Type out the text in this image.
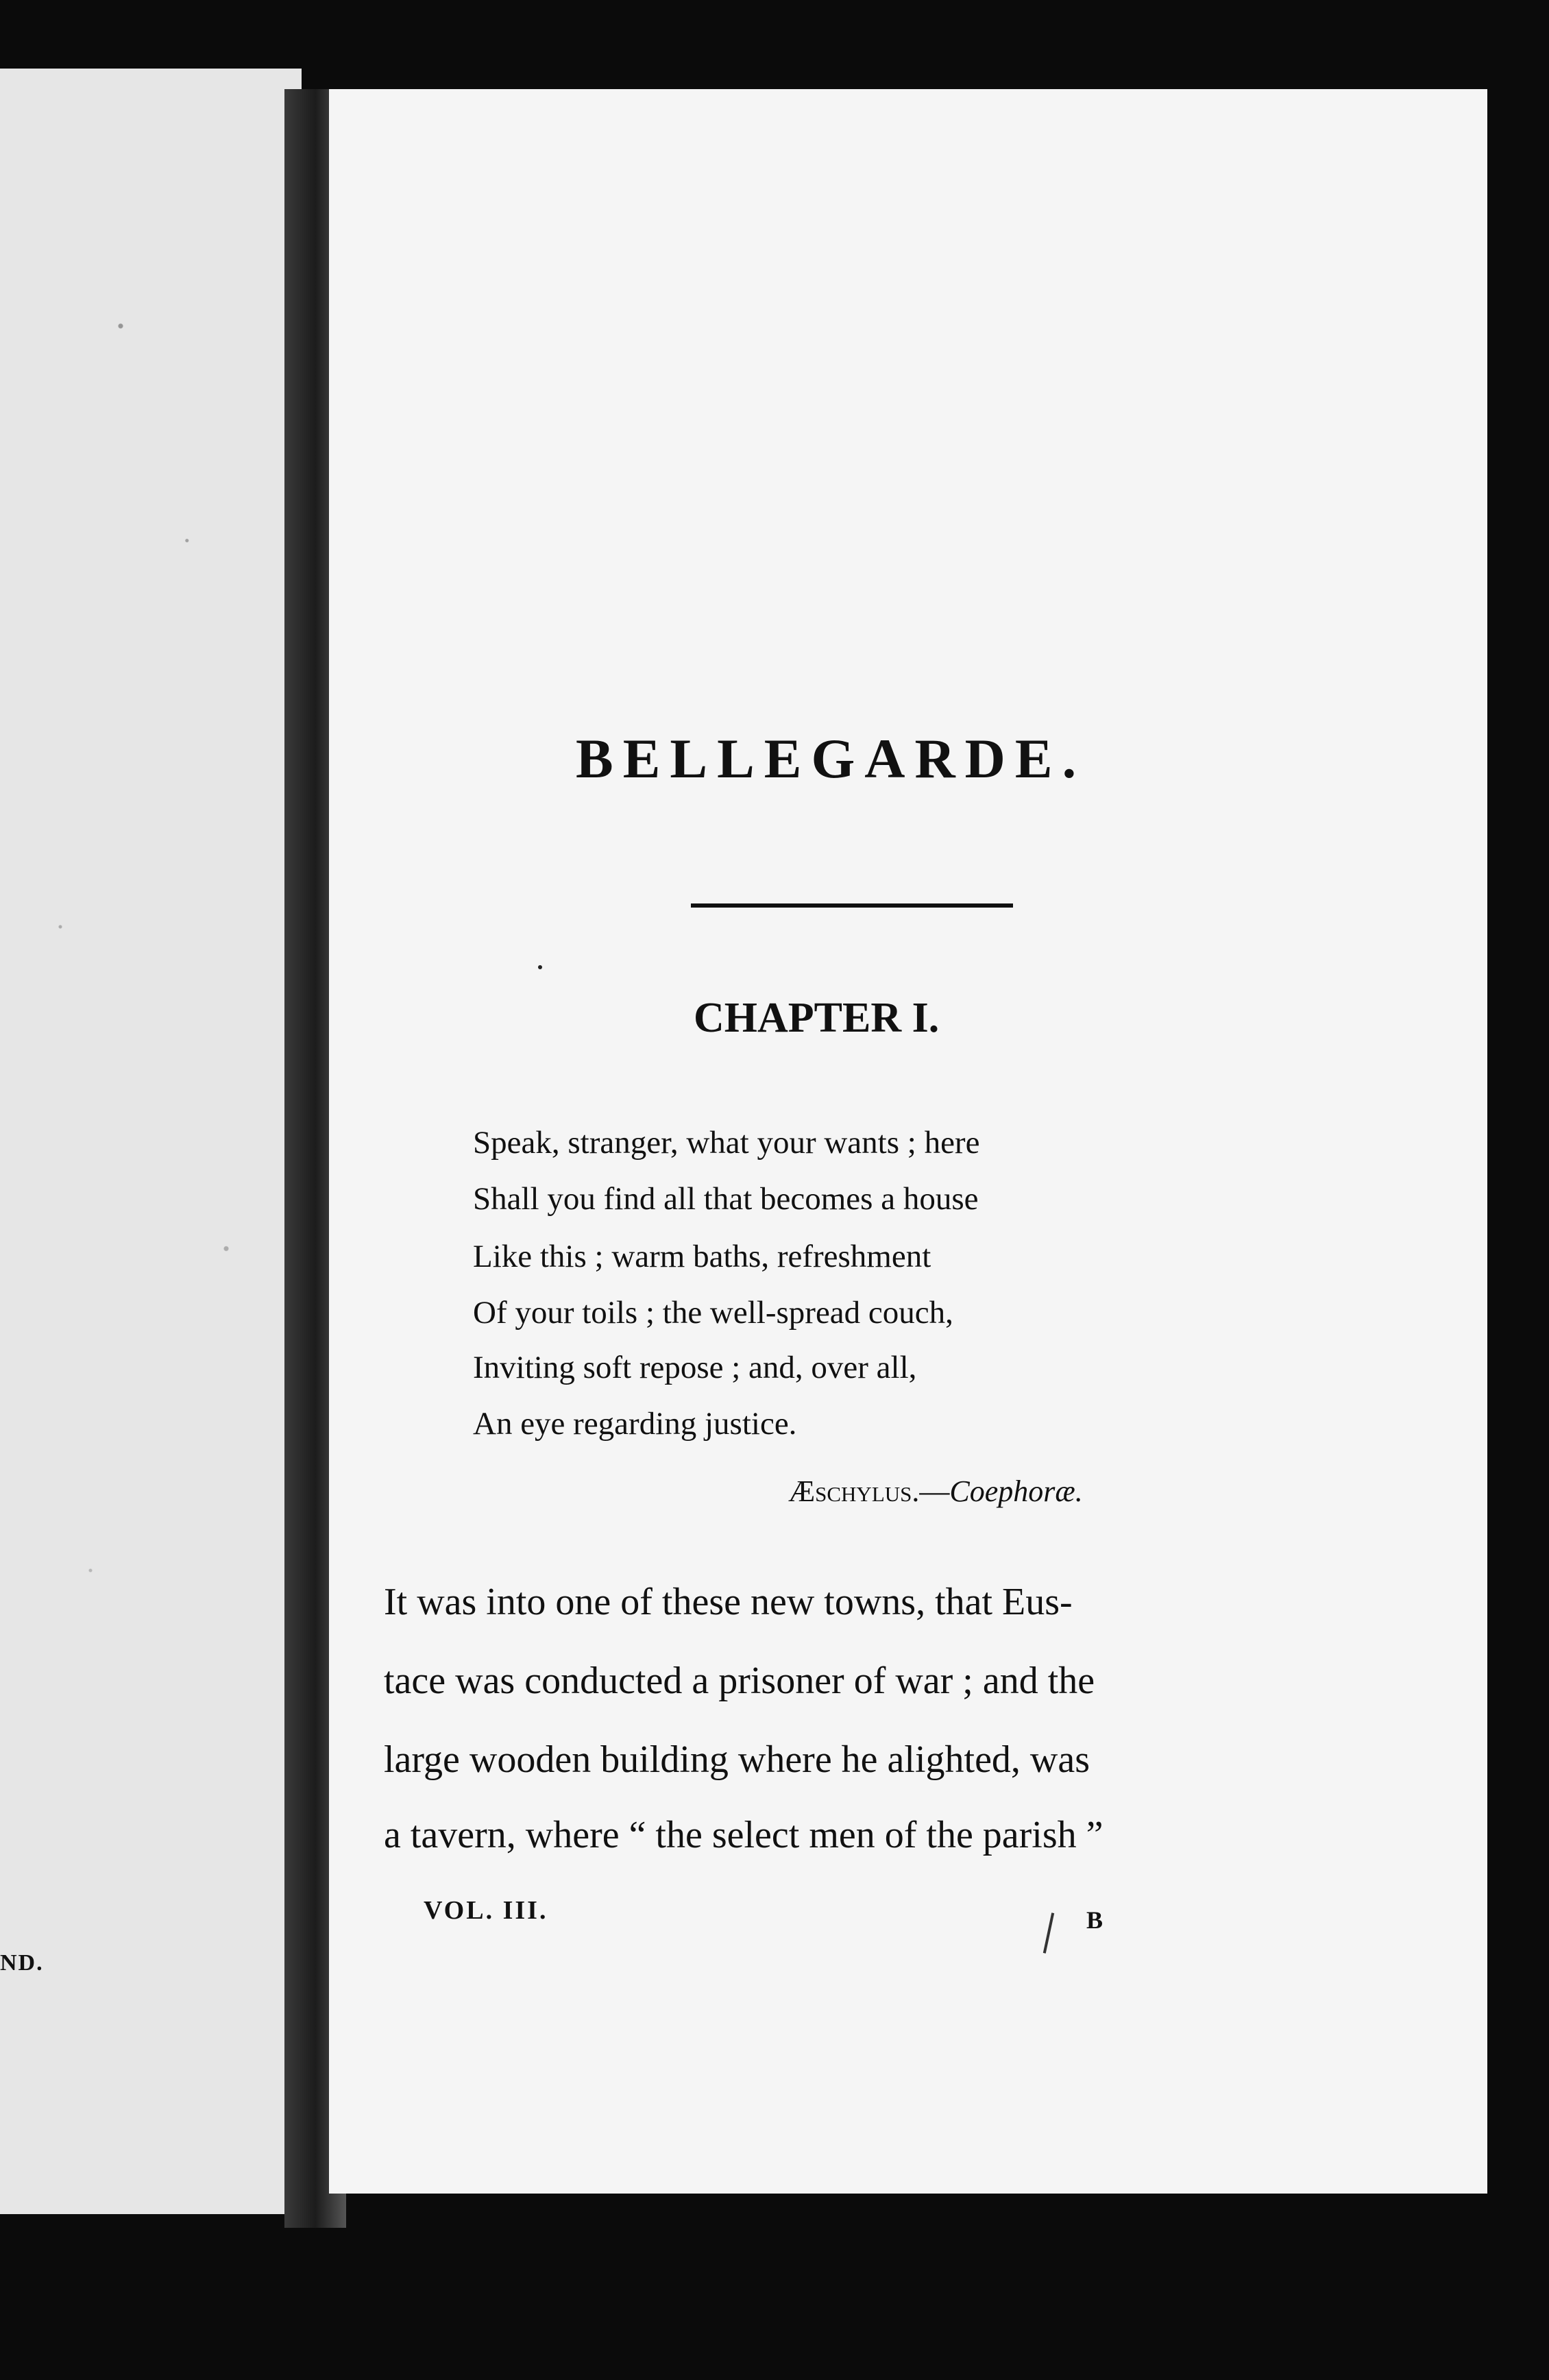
ND.
BELLEGARDE.
CHAPTER I.
Speak, stranger, what your wants ; here
Shall you find all that becomes a house
Like this ; warm baths, refreshment
Of your toils ; the well-spread couch,
Inviting soft repose ; and, over all,
An eye regarding justice.
Æschylus.—Coephoræ.
It was into one of these new towns, that Eus-
tace was conducted a prisoner of war ; and the
large wooden building where he alighted, was
a tavern, where “ the select men of the parish ”
VOL. III.	B
